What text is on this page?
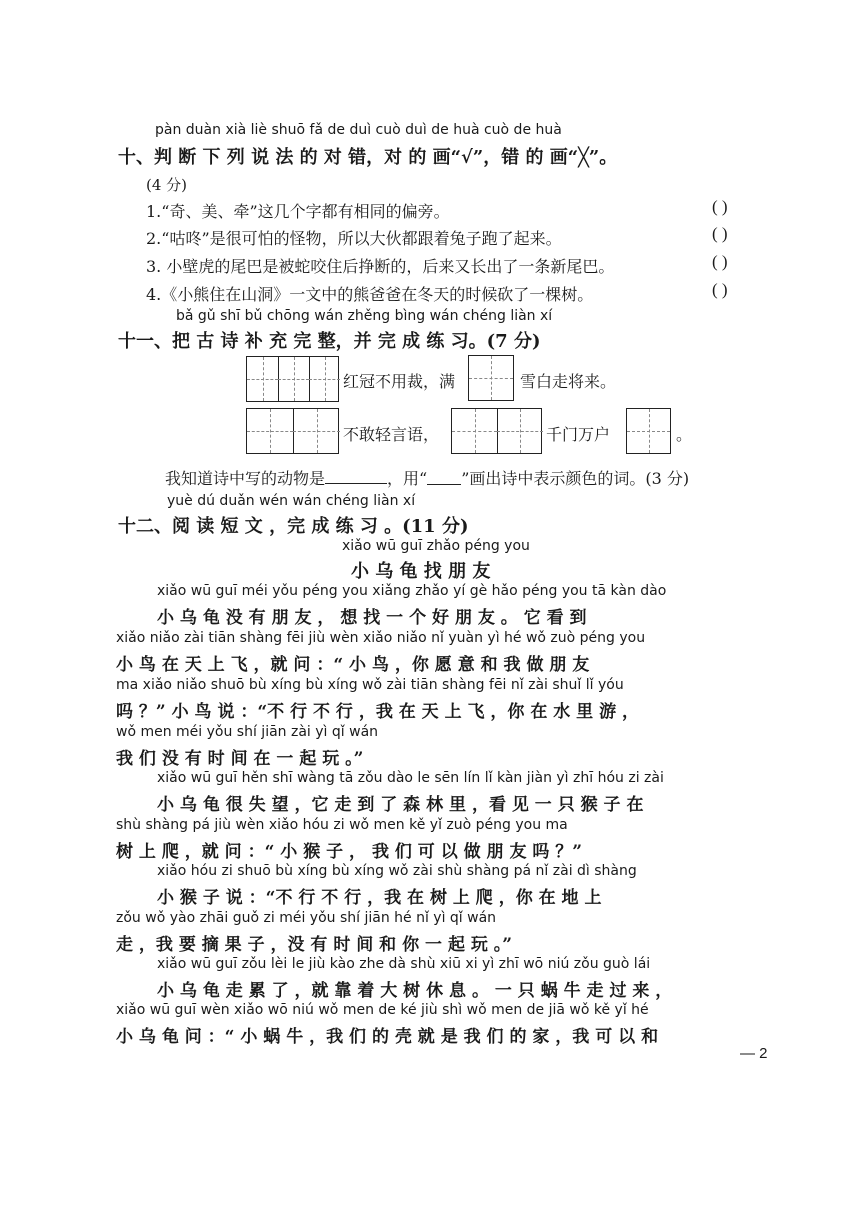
pàn duàn xià liè shuō fǎ de duì cuò duì de huà cuò de huà
十、判 断 下 列 说 法 的 对 错，对 的 画“√”，错 的 画“╳”。
(4 分)
1.“奇、美、牵”这几个字都有相同的偏旁。	( )
2.“咕咚”是很可怕的怪物，所以大伙都跟着兔子跑了起来。	( )
3. 小壁虎的尾巴是被蛇咬住后挣断的，后来又长出了一条新尾巴。	( )
4.《小熊住在山洞》一文中的熊爸爸在冬天的时候砍了一棵树。	( )
bǎ gǔ shī bǔ chōng wán zhěng bìng wán chéng liàn xí
十一、把 古 诗 补 充 完 整，并 完 成 练 习。(7 分)
红冠不用裁，满	雪白走将来。
不敢轻言语，	千门万户	。
我知道诗中写的动物是	，用“ ”画出诗中表示颜色的词。(3 分)
yuè dú duǎn wén wán chéng liàn xí
十二、阅 读 短 文 ，完 成 练 习 。(11 分)
xiǎo wū guī zhǎo péng you
小 乌 龟 找 朋 友
xiǎo wū guī méi yǒu péng you xiǎng zhǎo yí gè hǎo péng you tā kàn dào
小 乌 龟 没 有 朋 友 ， 想 找 一 个 好 朋 友 。 它 看 到
xiǎo niǎo zài tiān shàng fēi jiù wèn xiǎo niǎo nǐ yuàn yì hé wǒ zuò péng you
小 鸟 在 天 上 飞 ，就 问 ：“ 小 鸟 ，你 愿 意 和 我 做 朋 友
ma xiǎo niǎo shuō bù xíng bù xíng wǒ zài tiān shàng fēi nǐ zài shuǐ lǐ yóu
吗 ？” 小 鸟 说 ：“不 行 不 行 ，我 在 天 上 飞 ，你 在 水 里 游 ，
wǒ men méi yǒu shí jiān zài yì qǐ wán
我 们 没 有 时 间 在 一 起 玩 。”
xiǎo wū guī hěn shī wàng tā zǒu dào le sēn lín lǐ kàn jiàn yì zhī hóu zi zài
小 乌 龟 很 失 望 ，它 走 到 了 森 林 里 ，看 见 一 只 猴 子 在
shù shàng pá jiù wèn xiǎo hóu zi wǒ men kě yǐ zuò péng you ma
树 上 爬 ，就 问 ：“ 小 猴 子 ， 我 们 可 以 做 朋 友 吗 ？”
xiǎo hóu zi shuō bù xíng bù xíng wǒ zài shù shàng pá nǐ zài dì shàng
小 猴 子 说 ：“不 行 不 行 ，我 在 树 上 爬 ，你 在 地 上
zǒu wǒ yào zhāi guǒ zi méi yǒu shí jiān hé nǐ yì qǐ wán
走 ，我 要 摘 果 子 ，没 有 时 间 和 你 一 起 玩 。”
xiǎo wū guī zǒu lèi le jiù kào zhe dà shù xiū xi yì zhī wō niú zǒu guò lái
小 乌 龟 走 累 了 ，就 靠 着 大 树 休 息 。 一 只 蜗 牛 走 过 来 ，
xiǎo wū guī wèn xiǎo wō niú wǒ men de ké jiù shì wǒ men de jiā wǒ kě yǐ hé
小 乌 龟 问 ：“ 小 蜗 牛 ，我 们 的 壳 就 是 我 们 的 家 ，我 可 以 和
— 2
